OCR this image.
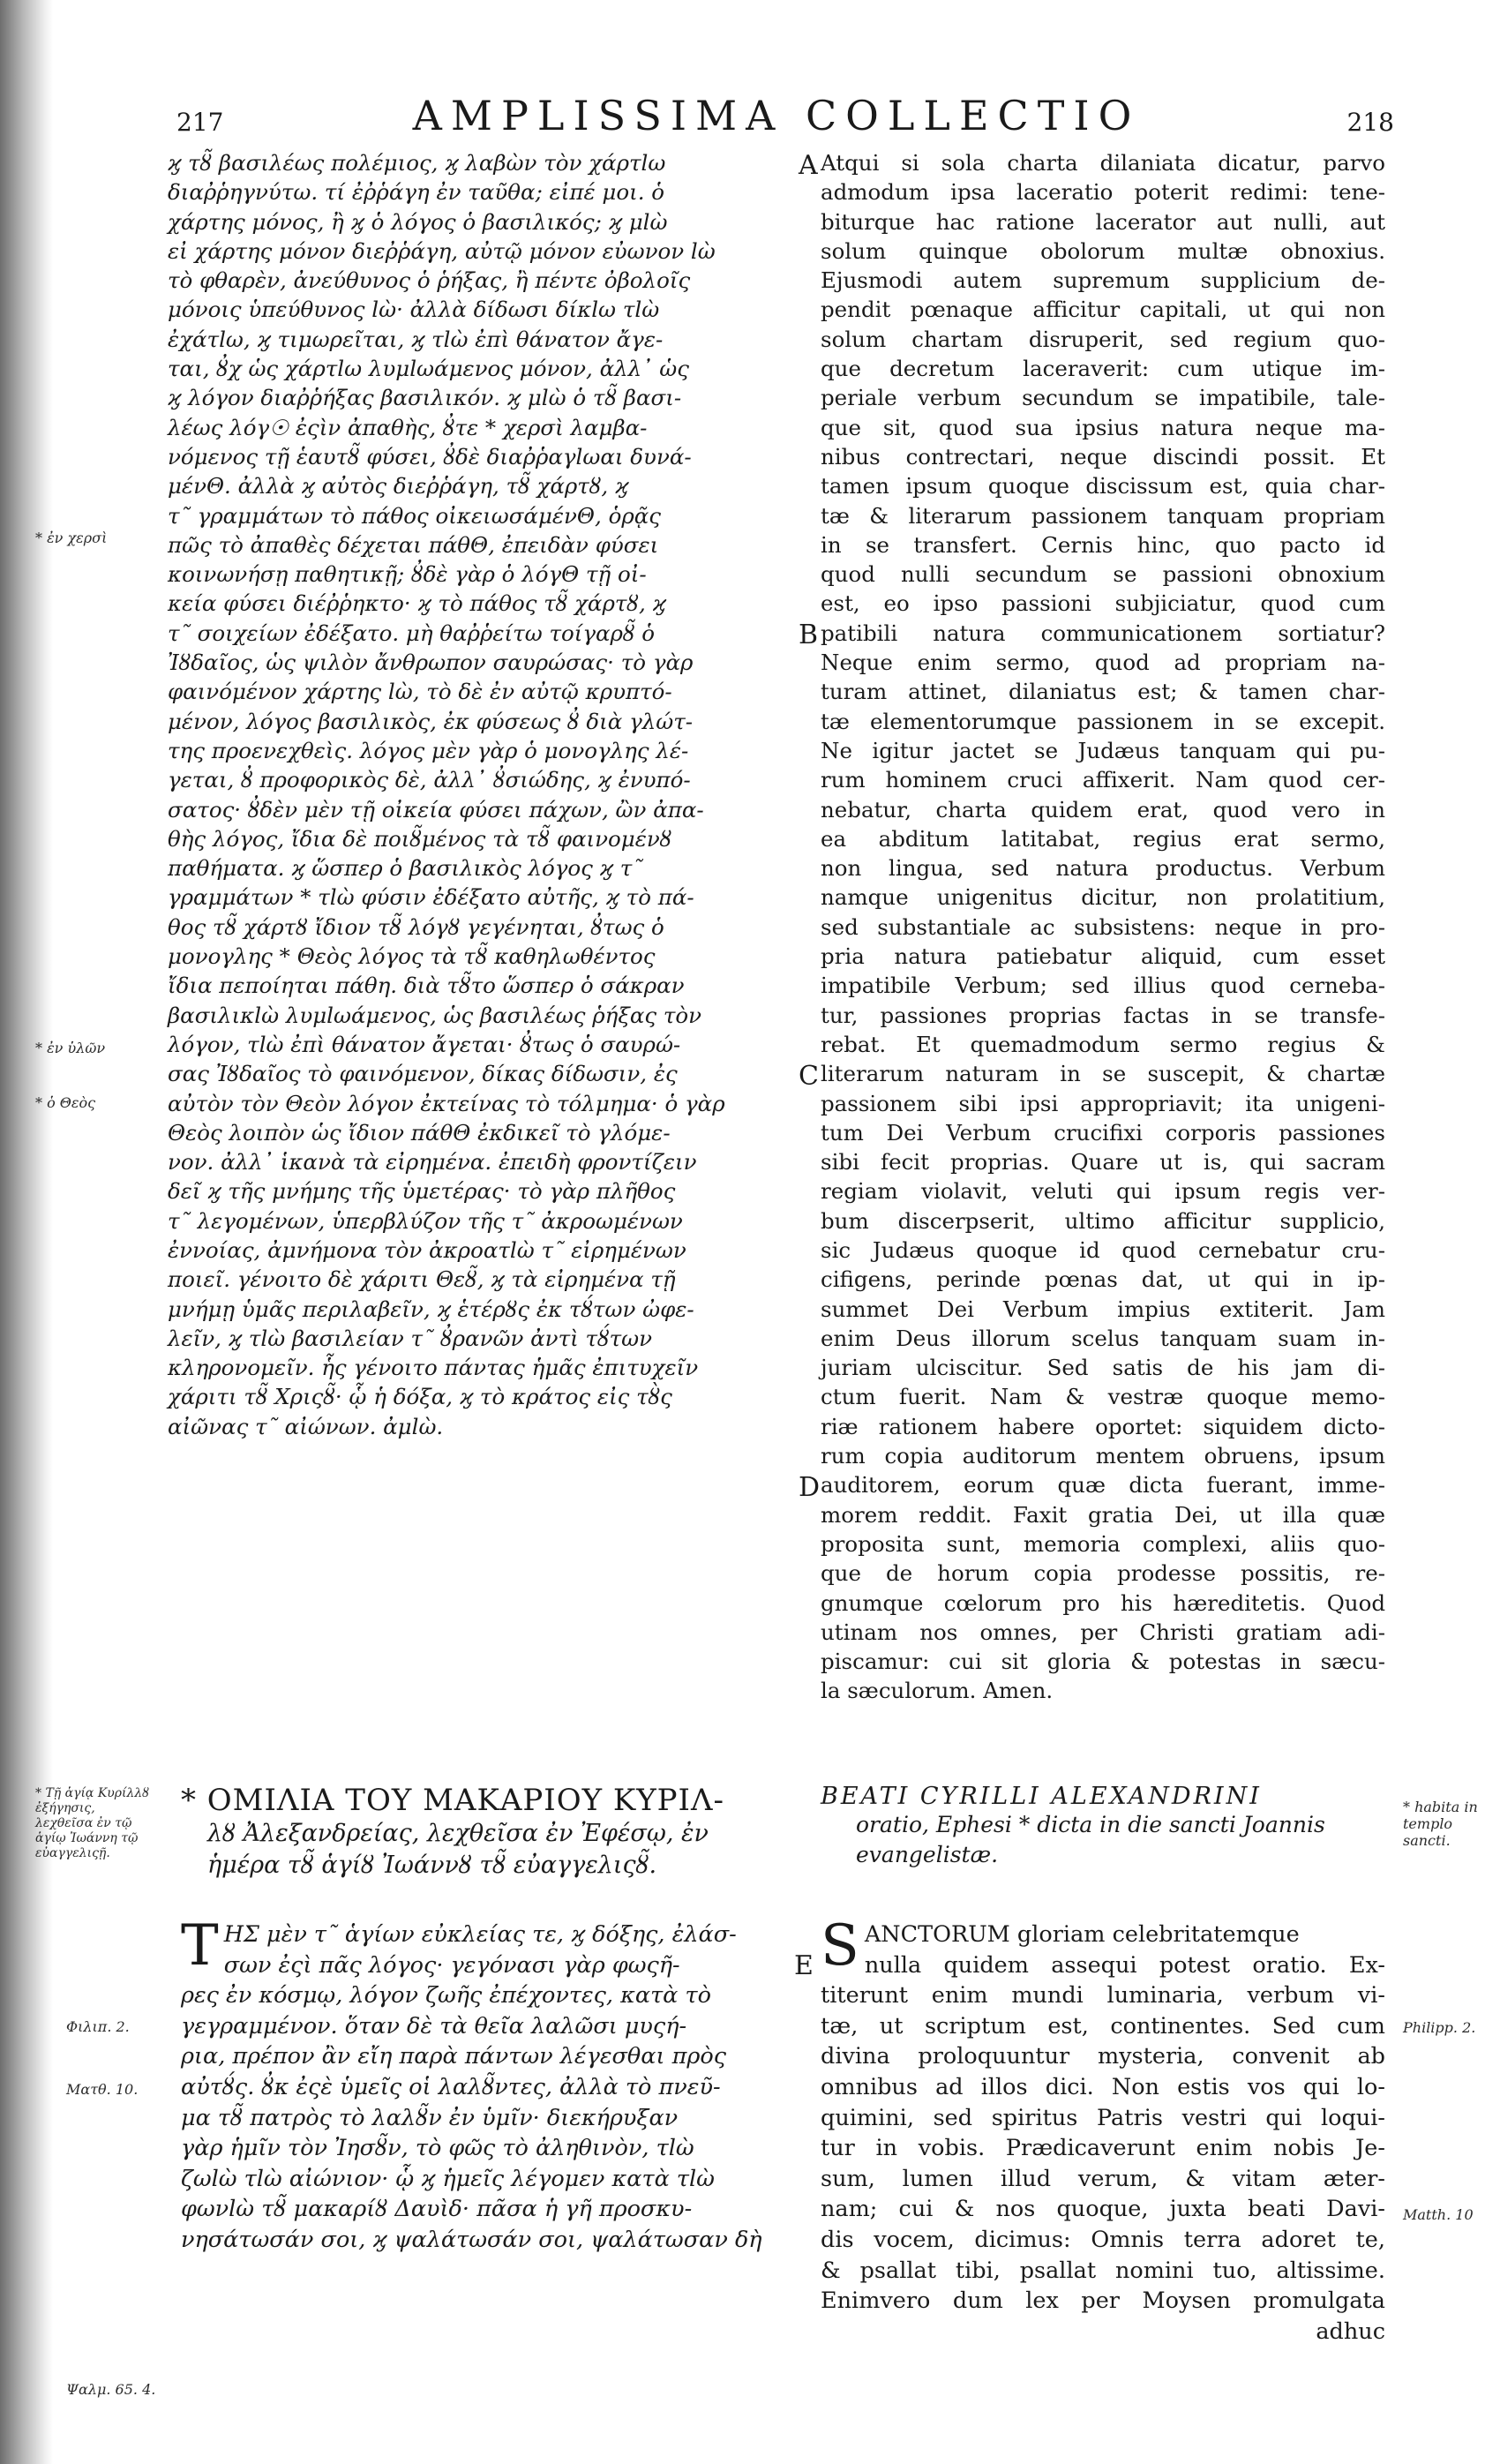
217	AMPLISSIMA COLLECTIO	218
ϗ τȣ̃ βασιλέως πολέμιος, ϗ λαβὼν τὸν χάρτlω
διαῤῥηγνύτω. τί ἐῤῥάγη ἐν ταῦθα; εἰπέ μοι. ὁ
χάρτης μόνος, ἢ ϗ ὁ λόγος ὁ βασιλικός; ϗ μlὼ
εἰ χάρτης μόνον διεῤῥάγη, αὐτῷ μόνον εὐωνον lὼ
τὸ φθαρὲν, ἀνεύθυνος ὁ ῥήξας, ἢ πέντε ὀβολοῖς
μόνοις ὑπεύθυνος lὼ· ἀλλὰ δίδωσι δίκlω τlὼ
ἐχάτlω, ϗ τιμωρεῖται, ϗ τlὼ ἐπὶ θάνατον ἄγε-
ται, ȣ̓χ ὡς χάρτlω λυμlωάμενος μόνον, ἀλλ᾽ ὡς
ϗ λόγον διαῤῥήξας βασιλικόν. ϗ μlὼ ὁ τȣ̃ βασι-
λέως λόγ☉ ἐςὶν ἀπαθὴς, ȣ̓τε * χερσὶ λαμβα-
νόμενος τῇ ἑαυτȣ̃ φύσει, ȣ̓δὲ διαῤῥαγlωαι δυνά-
μένΘ. ἀλλὰ ϗ αὐτὸς διεῤῥάγη, τȣ̃ χάρτȣ, ϗ
τ῀ γραμμάτων τὸ πάθος οἰκειωσάμένΘ, ὁρᾷς
πῶς τὸ ἀπαθὲς δέχεται πάθΘ, ἐπειδὰν φύσει
κοινωνήσῃ παθητικῇ; ȣ̓δὲ γὰρ ὁ λόγΘ τῇ οἰ-
κεία φύσει διέῤῥηκτο· ϗ τὸ πάθος τȣ̃ χάρτȣ, ϗ
τ῀ σοιχείων ἐδέξατο. μὴ θαῤῥείτω τοίγαρȣ̃ ὁ
Ἰȣδαῖος, ὡς ψιλὸν ἄνθρωπον σαυρώσας· τὸ γὰρ
φαινόμένον χάρτης lὼ, τὸ δὲ ἐν αὐτῷ κρυπτό-
μένον, λόγος βασιλικὸς, ἐκ φύσεως ȣ̓ διὰ γλώτ-
της προενεχθεὶς. λόγος μὲν γὰρ ὁ μονογλης λέ-
γεται, ȣ̓ προφορικὸς δὲ, ἀλλ᾽ ȣ̓σιώδης, ϗ ἐνυπό-
σατος· ȣ̓δὲν μὲν τῇ οἰκεία φύσει πάχων, ὢν ἀπα-
θὴς λόγος, ἴδια δὲ ποιȣ̃μένος τὰ τȣ̃ φαινομένȣ
παθήματα. ϗ ὥσπερ ὁ βασιλικὸς λόγος ϗ τ῀
γραμμάτων * τlὼ φύσιν ἐδέξατο αὐτῆς, ϗ τὸ πά-
θος τȣ̃ χάρτȣ ἴδιον τȣ̃ λόγȣ γεγένηται, ȣ̓τως ὁ
μονογλης * Θεὸς λόγος τὰ τȣ̃ καθηλωθέντος
ἴδια πεποίηται πάθη. διὰ τȣ̃το ὥσπερ ὁ σάκραν
βασιλικlὼ λυμlωάμενος, ὡς βασιλέως ῥήξας τὸν
λόγον, τlὼ ἐπὶ θάνατον ἄγεται· ȣ̓τως ὁ σαυρώ-
σας Ἰȣδαῖος τὸ φαινόμενον, δίκας δίδωσιν, ἐς
αὐτὸν τὸν Θεὸν λόγον ἐκτείνας τὸ τόλμημα· ὁ γὰρ
Θεὸς λοιπὸν ὡς ἴδιον πάθΘ ἐκδικεῖ τὸ γλόμε-
νον. ἀλλ᾽ ἱκανὰ τὰ εἰρημένα. ἐπειδὴ φροντίζειν
δεῖ ϗ τῆς μνήμης τῆς ὑμετέρας· τὸ γὰρ πλῆθος
τ῀ λεγομένων, ὑπερβλύζον τῆς τ῀ ἀκροωμένων
ἐννοίας, ἀμνήμονα τὸν ἀκροατlὼ τ῀ εἰρημένων
ποιεῖ. γένοιτο δὲ χάριτι Θεȣ̃, ϗ τὰ εἰρημένα τῇ
μνήμῃ ὑμᾶς περιλαβεῖν, ϗ ἑτέρȣς ἐκ τȣ́των ὠφε-
λεῖν, ϗ τlὼ βασιλείαν τ῀ ȣ̓ρανῶν ἀντὶ τȣ́των
κληρονομεῖν. ἧς γένοιτο πάντας ἡμᾶς ἐπιτυχεῖν
χάριτι τȣ̃ Χριςȣ̃· ᾧ ἡ δόξα, ϗ τὸ κράτος εἰς τȣ̀ς
αἰῶνας τ῀ αἰώνων. ἀμlὼ.
Atqui si sola charta dilaniata dicatur, parvo
admodum ipsa laceratio poterit redimi: tene-
biturque hac ratione lacerator aut nulli, aut
solum quinque obolorum multæ obnoxius.
Ejusmodi autem supremum supplicium de-
pendit pœnaque afficitur capitali, ut qui non
solum chartam disruperit, sed regium quo-
que decretum laceraverit: cum utique im-
periale verbum secundum se impatibile, tale-
que sit, quod sua ipsius natura neque ma-
nibus contrectari, neque discindi possit. Et
tamen ipsum quoque discissum est, quia char-
tæ & literarum passionem tanquam propriam
in se transfert. Cernis hinc, quo pacto id
quod nulli secundum se passioni obnoxium
est, eo ipso passioni subjiciatur, quod cum
patibili natura communicationem sortiatur?
Neque enim sermo, quod ad propriam na-
turam attinet, dilaniatus est; & tamen char-
tæ elementorumque passionem in se excepit.
Ne igitur jactet se Judæus tanquam qui pu-
rum hominem cruci affixerit. Nam quod cer-
nebatur, charta quidem erat, quod vero in
ea abditum latitabat, regius erat sermo,
non lingua, sed natura productus. Verbum
namque unigenitus dicitur, non prolatitium,
sed substantiale ac subsistens: neque in pro-
pria natura patiebatur aliquid, cum esset
impatibile Verbum; sed illius quod cerneba-
tur, passiones proprias factas in se transfe-
rebat. Et quemadmodum sermo regius &
literarum naturam in se suscepit, & chartæ
passionem sibi ipsi appropriavit; ita unigeni-
tum Dei Verbum crucifixi corporis passiones
sibi fecit proprias. Quare ut is, qui sacram
regiam violavit, veluti qui ipsum regis ver-
bum discerpserit, ultimo afficitur supplicio,
sic Judæus quoque id quod cernebatur cru-
cifigens, perinde pœnas dat, ut qui in ip-
summet Dei Verbum impius extiterit. Jam
enim Deus illorum scelus tanquam suam in-
juriam ulciscitur. Sed satis de his jam di-
ctum fuerit. Nam & vestræ quoque memo-
riæ rationem habere oportet: siquidem dicto-
rum copia auditorum mentem obruens, ipsum
auditorem, eorum quæ dicta fuerant, imme-
morem reddit. Faxit gratia Dei, ut illa quæ
proposita sunt, memoria complexi, aliis quo-
que de horum copia prodesse possitis, re-
gnumque cœlorum pro his hæreditetis. Quod
utinam nos omnes, per Christi gratiam adi-
piscamur: cui sit gloria & potestas in sæcu-
la sæculorum. Amen.
A
B
C
D
E
* ΟΜΙΛΙΑ ΤΟΥ ΜΑΚΑΡΙΟΥ ΚΥΡΙΛ-
λȣ Ἀλεξανδρείας, λεχθεῖσα ἐν Ἐφέσῳ, ἐν
ἡμέρα τȣ̃ ἁγίȣ Ἰωάννȣ τȣ̃ εὐαγγελιςȣ̃.
BEATI CYRILLI ALEXANDRINI
oratio, Ephesi * dicta in die sancti Joannis
evangelistæ.
Τ ΗΣ μὲν τ῀ ἁγίων εὐκλείας τε, ϗ δόξης, ἐλάσ-
σων ἐςὶ πᾶς λόγος· γεγόνασι γὰρ φωςῆ-
ρες ἐν κόσμῳ, λόγον ζωῆς ἐπέχοντες, κατὰ τὸ
γεγραμμένον. ὅταν δὲ τὰ θεῖα λαλῶσι μυςή-
ρια, πρέπον ἂν εἴη παρὰ πάντων λέγεσθαι πρὸς
αὐτȣ́ς. ȣ̓κ ἐςὲ ὑμεῖς οἱ λαλȣ̃ντες, ἀλλὰ τὸ πνεῦ-
μα τȣ̃ πατρὸς τὸ λαλȣ̃ν ἐν ὑμῖν· διεκήρυξαν
γὰρ ἡμῖν τὸν Ἰησȣ̃ν, τὸ φῶς τὸ ἀληθινὸν, τlὼ
ζωlὼ τlὼ αἰώνιον· ᾧ ϗ ἡμεῖς λέγομεν κατὰ τlὼ
φωνlὼ τȣ̃ μακαρίȣ Δαυὶδ· πᾶσα ἡ γῆ προσκυ-
νησάτωσάν σοι, ϗ ψαλάτωσάν σοι, ψαλάτωσαν δὴ
S ANCTORUM gloriam celebritatemque
nulla quidem assequi potest oratio. Ex-
titerunt enim mundi luminaria, verbum vi-
tæ, ut scriptum est, continentes. Sed cum
divina proloquuntur mysteria, convenit ab
omnibus ad illos dici. Non estis vos qui lo-
quimini, sed spiritus Patris vestri qui loqui-
tur in vobis. Prædicaverunt enim nobis Je-
sum, lumen illud verum, & vitam æter-
nam; cui & nos quoque, juxta beati Davi-
dis vocem, dicimus: Omnis terra adoret te,
& psallat tibi, psallat nomini tuo, altissime.
Enimvero dum lex per Moysen promulgata
adhuc
* ἐν χερσὶ
* ἐν ὑλῶν
* ὁ Θεὸς
* Τῇ ἁγίᾳ Κυρίλλȣ ἐξήγησις, λεχθεῖσα ἐν τῷ ἁγίῳ Ἰωάννη τῷ εὐαγγελιςῇ.
Φιλιπ. 2.
Ματθ. 10.
Ψαλμ. 65. 4.
* habita in templo sancti.
Philipp. 2.
Matth. 10
